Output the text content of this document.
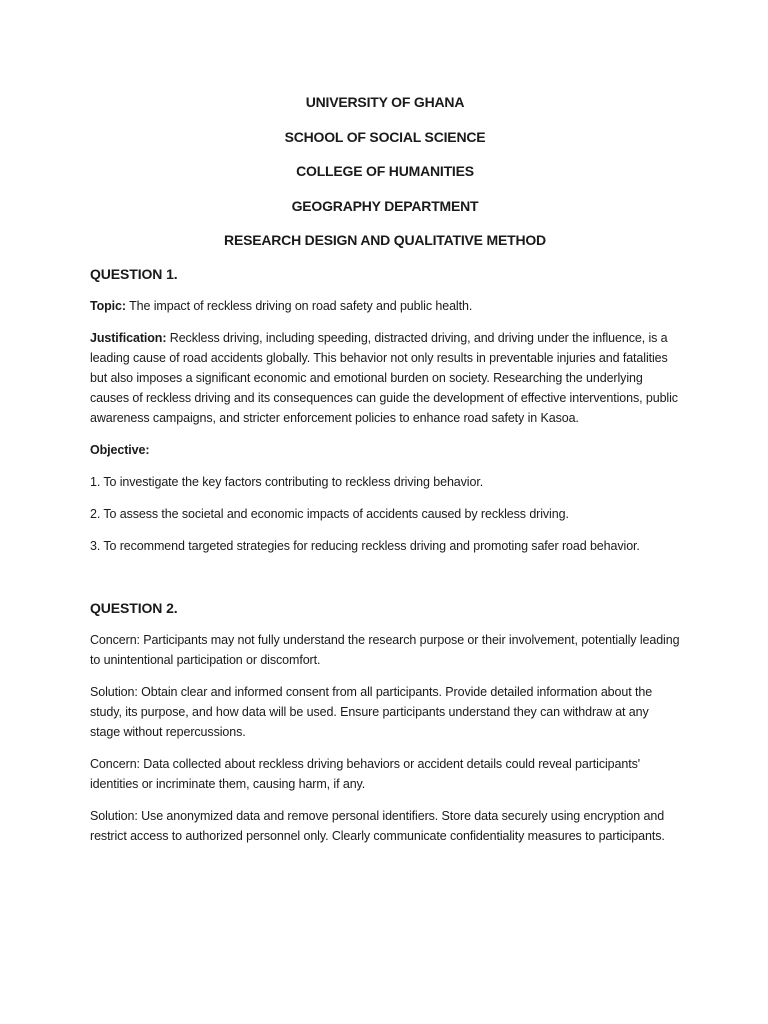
UNIVERSITY OF GHANA

SCHOOL OF SOCIAL SCIENCE

COLLEGE OF HUMANITIES

GEOGRAPHY DEPARTMENT

RESEARCH DESIGN AND QUALITATIVE METHOD

QUESTION 1.

Topic: The impact of reckless driving on road safety and public health.

Justification: Reckless driving, including speeding, distracted driving, and driving under the influence, is a leading cause of road accidents globally. This behavior not only results in preventable injuries and fatalities but also imposes a significant economic and emotional burden on society. Researching the underlying causes of reckless driving and its consequences can guide the development of effective interventions, public awareness campaigns, and stricter enforcement policies to enhance road safety in Kasoa.

Objective:

1. To investigate the key factors contributing to reckless driving behavior.

2. To assess the societal and economic impacts of accidents caused by reckless driving.

3. To recommend targeted strategies for reducing reckless driving and promoting safer road behavior.

QUESTION 2.

Concern: Participants may not fully understand the research purpose or their involvement, potentially leading to unintentional participation or discomfort.

Solution: Obtain clear and informed consent from all participants. Provide detailed information about the study, its purpose, and how data will be used. Ensure participants understand they can withdraw at any stage without repercussions.

Concern: Data collected about reckless driving behaviors or accident details could reveal participants' identities or incriminate them, causing harm, if any.

Solution: Use anonymized data and remove personal identifiers. Store data securely using encryption and restrict access to authorized personnel only. Clearly communicate confidentiality measures to participants.
